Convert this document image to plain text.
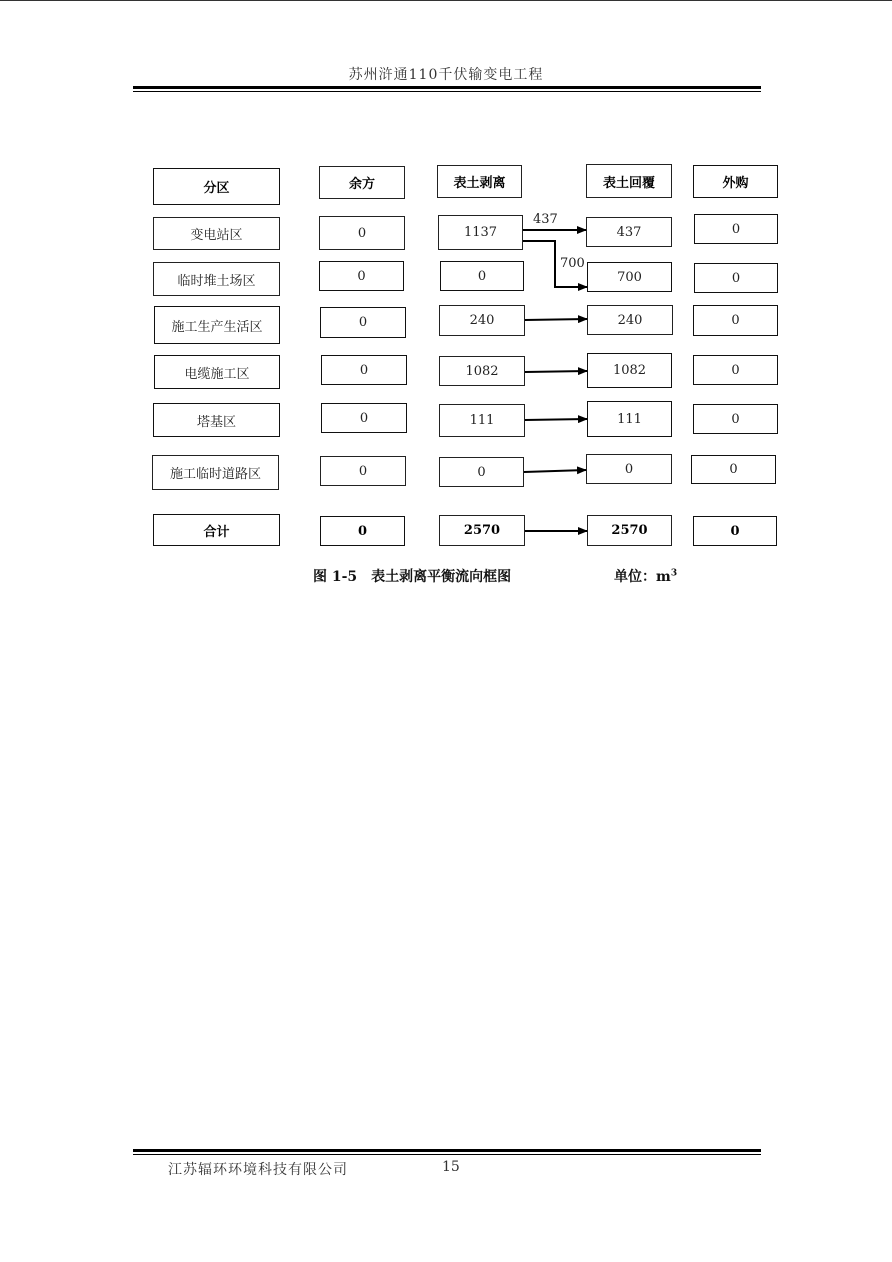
苏州浒通110千伏输变电工程
分区	余方	表土剥离	表土回覆	外购
变电站区	0	1137	437	0
临时堆土场区	0	0	700	0
施工生产生活区	0	240	240	0
电缆施工区	0	1082	1082	0
塔基区	0	111	111	0
施工临时道路区	0	0	0	0
合计	0	2570	2570	0
437
700
图 1-5　表土剥离平衡流向框图	单位：$m^3$
江苏辐环环境科技有限公司	15
